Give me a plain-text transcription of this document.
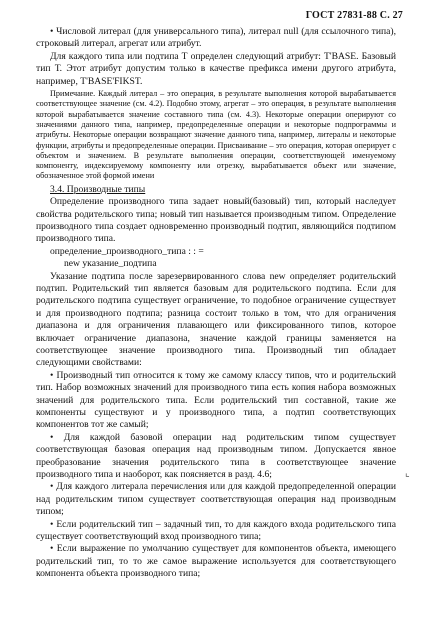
ГОСТ 27831-88 С. 27

• Числовой литерал (для универсального типа), литерал null (для ссылочного типа), строковый литерал, агрегат или атрибут.

Для каждого типа или подтипа Т определен следующий атрибут: T'BASE. Базовый тип Т. Этот атрибут допустим только в качестве префикса имени другого атрибута, например, T'BASE'FIKST.

Примечание. Каждый литерал – это операция, в результате выполнения которой вырабатывается соответствующее значение (см. 4.2). Подобно этому, агрегат – это операция, в результате выполнения которой вырабатывается значение составного типа (см. 4.3). Некоторые операции оперируют со значениями данного типа, например, предопределенные операции и некоторые подпрограммы и атрибуты. Некоторые операции возвращают значение данного типа, например, литералы и некоторые функции, атрибуты и предопределенные операции. Присваивание – это операция, которая оперирует с объектом и значением. В результате выполнения операции, соответствующей именуемому компоненту, индексируемому компоненту или отрезку, вырабатывается объект или значение, обозначенное этой формой имени

3.4. Производные типы

Определение производного типа задает новый(базовый) тип, который наследует свойства родительского типа; новый тип называется производным типом. Определение производного типа создает одновременно производный подтип, являющийся подтипом производного типа.

определение_производного_типа : : =

new указание_подтипа

Указание подтипа после зарезервированного слова new определяет родительский подтип. Родительский тип является базовым для родительского подтипа. Если для родительского подтипа существует ограничение, то подобное ограничение существует и для производного подтипа; разница состоит только в том, что для ограничения диапазона и для ограничения плавающего или фиксированного типов, которое включает ограничение диапазона, значение каждой границы заменяется на соответствующее значение производного типа. Производный тип обладает следующими свойствами:

• Производный тип относится к тому же самому классу типов, что и родительский тип. Набор возможных значений для производного типа есть копия набора возможных значений для родительского типа. Если родительский тип составной, такие же компоненты существуют и у производного типа, а подтип соответствующих компонентов тот же самый;

• Для каждой базовой операции над родительским типом существует соответствующая базовая операция над производным типом. Допускается явное преобразование значения родительского типа в соответствующее значение производного типа и наоборот, как поясняется в разд. 4.6;

• Для каждого литерала перечисления или для каждой предопределенной операции над родительским типом существует соответствующая операция над производным типом;

• Если родительский тип – задачный тип, то для каждого входа родительского типа существует соответствующий вход производного типа;

• Если выражение по умолчанию существует для компонентов объекта, имеющего родительский тип, то то же самое выражение используется для соответствующего компонента объекта производного типа;

⌞
